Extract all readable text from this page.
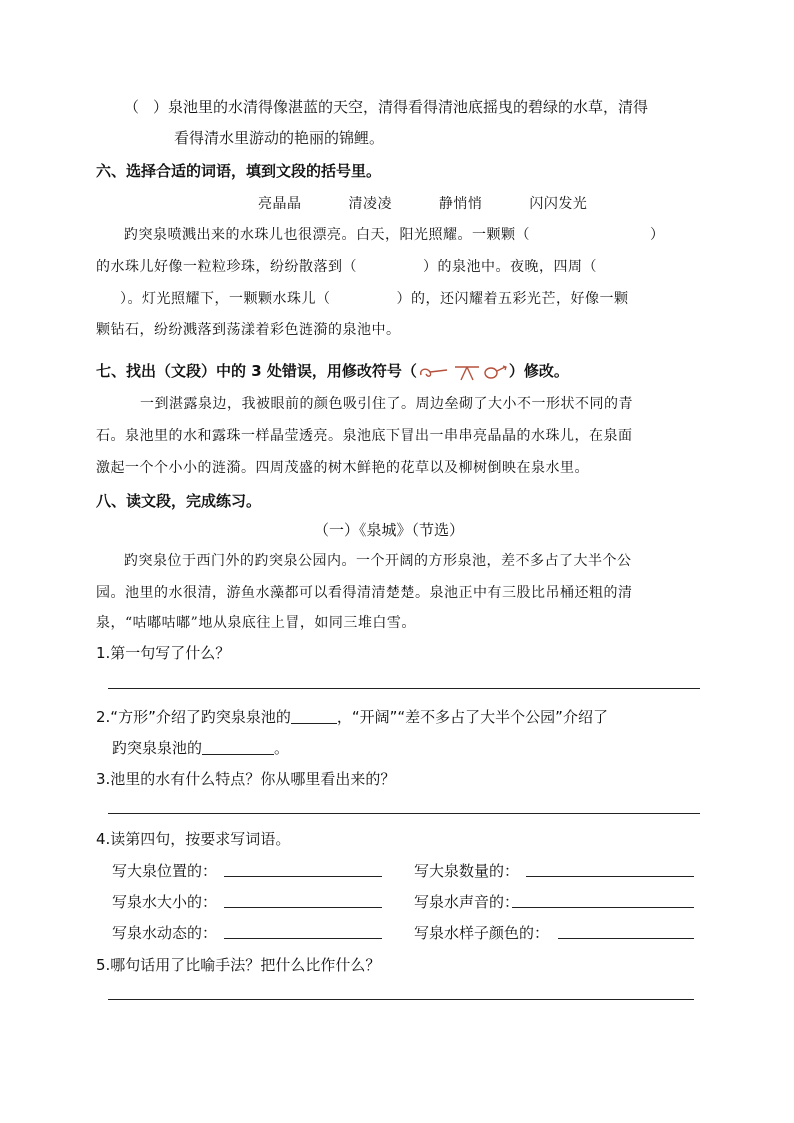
（ ）泉池里的水清得像湛蓝的天空，清得看得清池底摇曳的碧绿的水草，清得
看得清水里游动的艳丽的锦鲤。
六、选择合适的词语，填到文段的括号里。
亮晶晶	清凌凌	静悄悄	闪闪发光
趵突泉喷溅出来的水珠儿也很漂亮。白天，阳光照耀。一颗颗（	）
的水珠儿好像一粒粒珍珠，纷纷散落到（	）的泉池中。夜晚，四周（
）。灯光照耀下，一颗颗水珠儿（	）的，还闪耀着五彩光芒，好像一颗
颗钻石，纷纷溅落到荡漾着彩色涟漪的泉池中。
七、找出（文段）中的 3 处错误，用修改符号（	）修改。
一到湛露泉边，我被眼前的颜色吸引住了。周边垒砌了大小不一形状不同的青
石。泉池里的水和露珠一样晶莹透亮。泉池底下冒出一串串亮晶晶的水珠儿，在泉面
激起一个个小小的涟漪。四周茂盛的树木鲜艳的花草以及柳树倒映在泉水里。
八、读文段，完成练习。
（一）《泉城》（节选）
趵突泉位于西门外的趵突泉公园内。一个开阔的方形泉池，差不多占了大半个公
园。池里的水很清，游鱼水藻都可以看得清清楚楚。泉池正中有三股比吊桶还粗的清
泉，“咕嘟咕嘟”地从泉底往上冒，如同三堆白雪。
1.第一句写了什么？
2.“方形”介绍了趵突泉泉池的	，“开阔”“差不多占了大半个公园”介绍了
趵突泉泉池的	。
3.池里的水有什么特点？你从哪里看出来的？
4.读第四句，按要求写词语。
写大泉位置的：	写大泉数量的：
写泉水大小的：	写泉水声音的：
写泉水动态的：	写泉水样子颜色的：
5.哪句话用了比喻手法？把什么比作什么？
